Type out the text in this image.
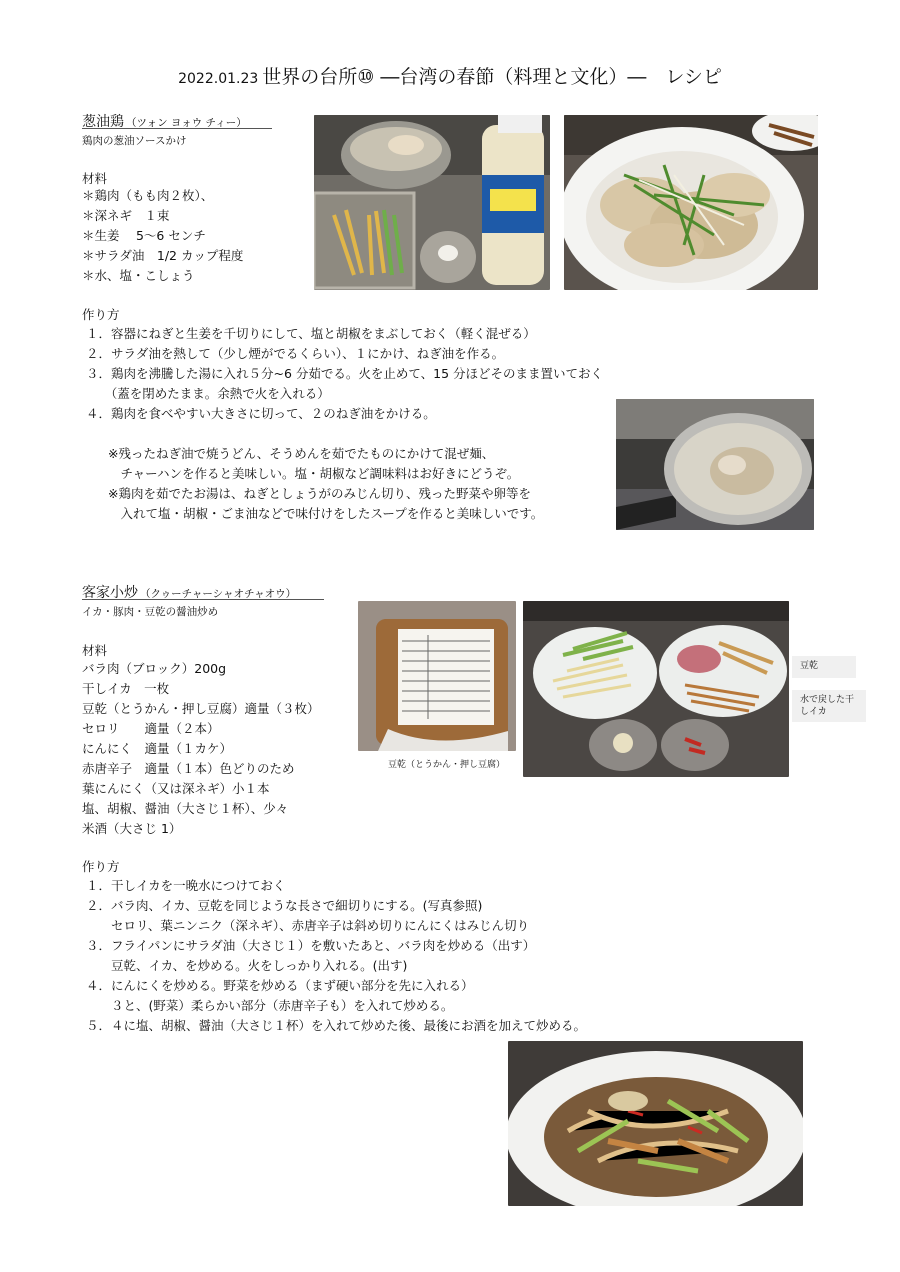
2022.01.23 世界の台所⑩ ―台湾の春節（料理と文化）―　レシピ
葱油鶏 （ツォン ヨォウ チィー）
鶏肉の葱油ソースかけ
材料
＊鶏肉（もも肉２枚）、
＊深ネギ　１束
＊生姜　 5～6 センチ
＊サラダ油　1/2 カップ程度
＊水、塩・こしょう
作り方
１．容器にねぎと生姜を千切りにして、塩と胡椒をまぶしておく（軽く混ぜる）
２．サラダ油を熱して（少し煙がでるくらい）、１にかけ、ねぎ油を作る。
３．鶏肉を沸騰した湯に入れ５分~6 分茹でる。火を止めて、15 分ほどそのまま置いておく
　　（蓋を閉めたまま。余熱で火を入れる）
４．鶏肉を食べやすい大きさに切って、２のねぎ油をかける。
※残ったねぎ油で焼うどん、そうめんを茹でたものにかけて混ぜ麺、
　チャーハンを作ると美味しい。塩・胡椒など調味料はお好きにどうぞ。
※鶏肉を茹でたお湯は、ねぎとしょうがのみじん切り、残った野菜や卵等を
　入れて塩・胡椒・ごま油などで味付けをしたスープを作ると美味しいです。
客家小炒 （クゥーチャーシャオチャオウ）
イカ・豚肉・豆乾の醤油炒め
材料
バラ肉（ブロック）200g
干しイカ　一枚
豆乾（とうかん・押し豆腐）適量（３枚）
セロリ　　適量（２本）
にんにく　適量（１カケ）
赤唐辛子　適量（１本）色どりのため
葉にんにく（又は深ネギ）小１本
塩、胡椒、醤油（大さじ１杯）、少々
米酒（大さじ 1）
豆乾（とうかん・押し豆腐）
豆乾
水で戻した干しイカ
作り方
１．干しイカを一晩水につけておく
２．バラ肉、イカ、豆乾を同じような長さで細切りにする。(写真参照)
　　セロリ、葉ニンニク（深ネギ）、赤唐辛子は斜め切りにんにくはみじん切り
３．フライパンにサラダ油（大さじ１）を敷いたあと、バラ肉を炒める（出す）
　　豆乾、イカ、を炒める。火をしっかり入れる。(出す)
４．にんにくを炒める。野菜を炒める（まず硬い部分を先に入れる）
　　３と、(野菜）柔らかい部分（赤唐辛子も）を入れて炒める。
５．４に塩、胡椒、醤油（大さじ１杯）を入れて炒めた後、最後にお酒を加えて炒める。
